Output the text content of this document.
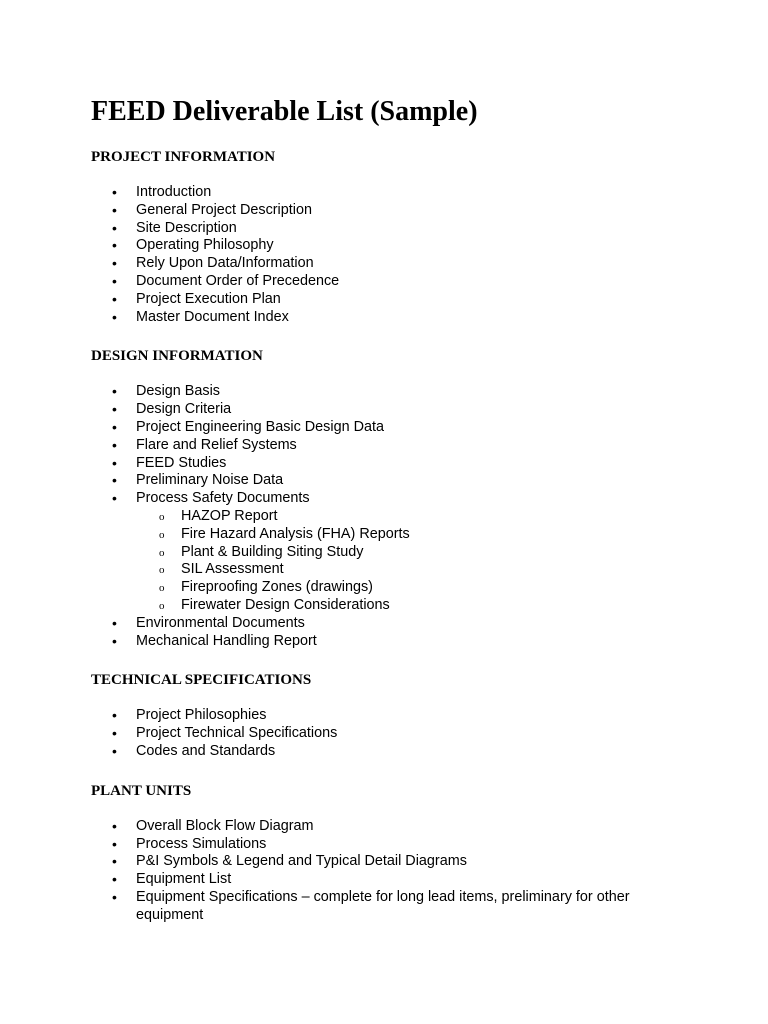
FEED Deliverable List (Sample)
PROJECT INFORMATION
• Introduction
• General Project Description
• Site Description
• Operating Philosophy
• Rely Upon Data/Information
• Document Order of Precedence
• Project Execution Plan
• Master Document Index
DESIGN INFORMATION
• Design Basis
• Design Criteria
• Project Engineering Basic Design Data
• Flare and Relief Systems
• FEED Studies
• Preliminary Noise Data
• Process Safety Documents
o HAZOP Report
o Fire Hazard Analysis (FHA) Reports
o Plant & Building Siting Study
o SIL Assessment
o Fireproofing Zones (drawings)
o Firewater Design Considerations
• Environmental Documents
• Mechanical Handling Report
TECHNICAL SPECIFICATIONS
• Project Philosophies
• Project Technical Specifications
• Codes and Standards
PLANT UNITS
• Overall Block Flow Diagram
• Process Simulations
• P&I Symbols & Legend and Typical Detail Diagrams
• Equipment List
• Equipment Specifications – complete for long lead items, preliminary for other equipment
